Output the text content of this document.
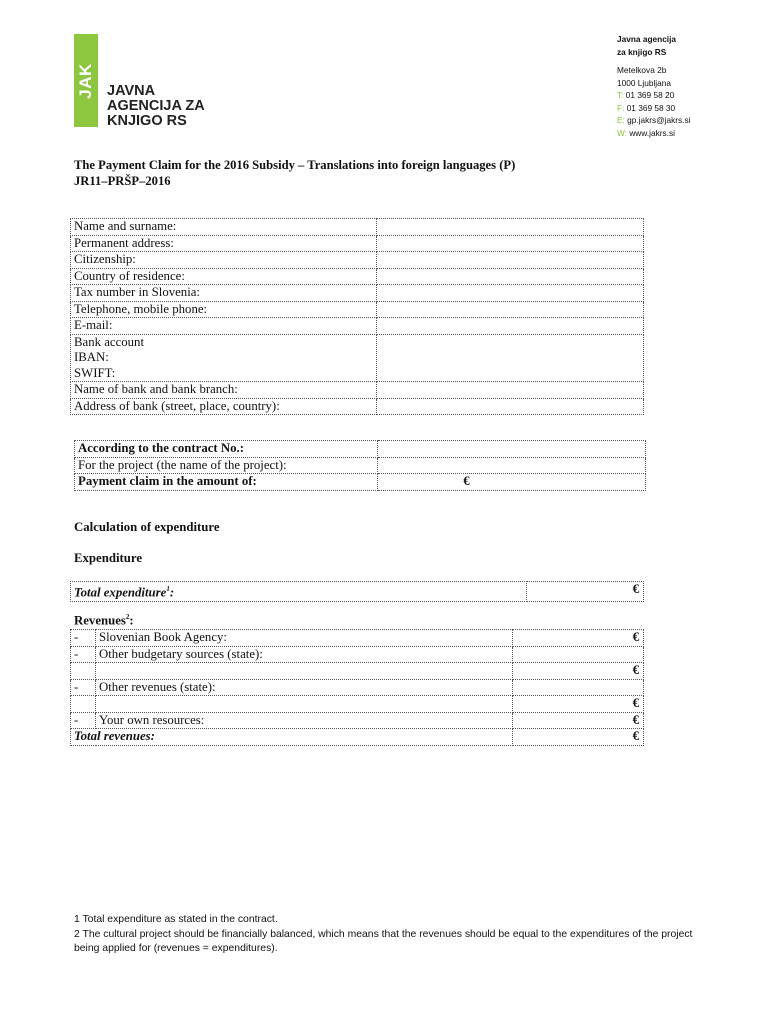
JAK JAVNA
AGENCIJA ZA
KNJIGO RS
Javna agencija
za knjigo RS
Metelkova 2b
1000 Ljubljana
T: 01 369 58 20
F: 01 369 58 30
E: gp.jakrs@jakrs.si
W: www.jakrs.si
The Payment Claim for the 2016 Subsidy – Translations into foreign languages (P)
JR11–PRŠP–2016
Name and surname:	
Permanent address:	
Citizenship:	
Country of residence:	
Tax number in Slovenia:	
Telephone, mobile phone:	
E-mail:	

Bank account
IBAN:
SWIFT:	

Name of bank and bank branch:	
Address of bank (street, place, country):	
According to the contract No.:	
For the project (the name of the project):	
Payment claim in the amount of:	€
Calculation of expenditure
Expenditure
Total expenditure$^1$:	€
Revenues$^2$:
-	Slovenian Book Agency:	€
-	Other budgetary sources (state):	
		€
-	Other revenues (state):	
		€
-	Your own resources:	€
Total revenues:		€
1 Total expenditure as stated in the contract.
2 The cultural project should be financially balanced, which means that the revenues should be equal to the expenditures of the project being applied for (revenues = expenditures).
